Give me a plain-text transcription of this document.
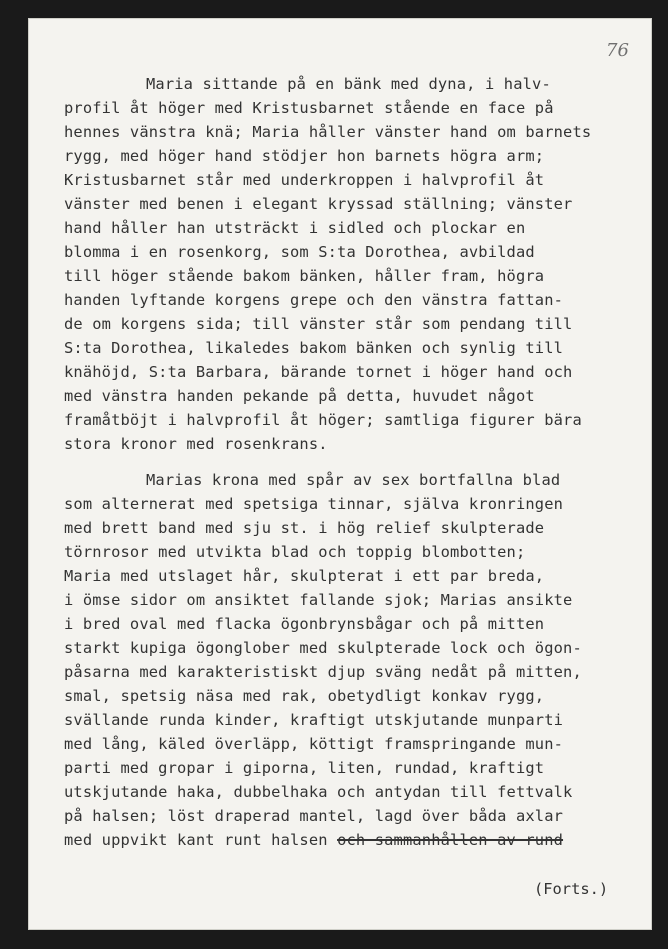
76
Maria sittande på en bänk med dyna, i halv-
profil åt höger med Kristusbarnet stående en face på
hennes vänstra knä; Maria håller vänster hand om barnets
rygg, med höger hand stödjer hon barnets högra arm;
Kristusbarnet står med underkroppen i halvprofil åt
vänster med benen i elegant kryssad ställning; vänster
hand håller han utsträckt i sidled och plockar en
blomma i en rosenkorg, som S:ta Dorothea, avbildad
till höger stående bakom bänken, håller fram, högra
handen lyftande korgens grepe och den vänstra fattan-
de om korgens sida; till vänster står som pendang till
S:ta Dorothea, likaledes bakom bänken och synlig till
knähöjd, S:ta Barbara, bärande tornet i höger hand och
med vänstra handen pekande på detta, huvudet något
framåtböjt i halvprofil åt höger; samtliga figurer bära
stora kronor med rosenkrans.
Marias krona med spår av sex bortfallna blad
som alternerat med spetsiga tinnar, själva kronringen
med brett band med sju st. i hög relief skulpterade
törnrosor med utvikta blad och toppig blombotten;
Maria med utslaget hår, skulpterat i ett par breda,
i ömse sidor om ansiktet fallande sjok; Marias ansikte
i bred oval med flacka ögonbrynsbågar och på mitten
starkt kupiga ögonglober med skulpterade lock och ögon-
påsarna med karakteristiskt djup sväng nedåt på mitten,
smal, spetsig näsa med rak, obetydligt konkav rygg,
svällande runda kinder, kraftigt utskjutande munparti
med lång, käled överläpp, köttigt framspringande mun-
parti med gropar i giporna, liten, rundad, kraftigt
utskjutande haka, dubbelhaka och antydan till fettvalk
på halsen; löst draperad mantel, lagd över båda axlar
med uppvikt kant runt halsen och sammanhållen av rund
(Forts.)
